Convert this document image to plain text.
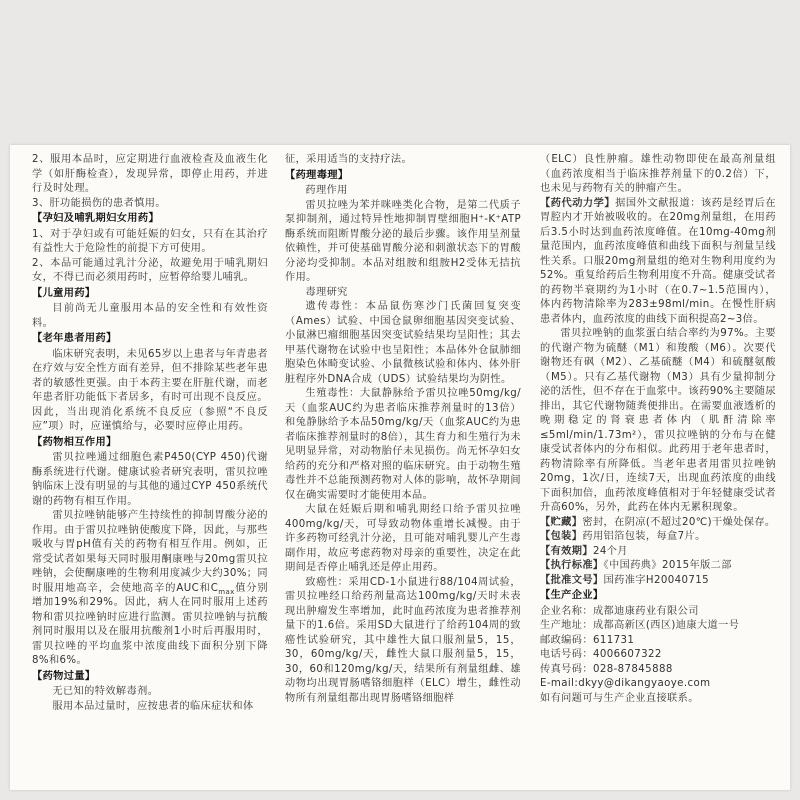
2、服用本品时，应定期进行血液检查及血液生化学（如肝酶检查），发现异常，即停止用药，并进行及时处理。

3、肝功能损伤的患者慎用。

【孕妇及哺乳期妇女用药】

1、对于孕妇或有可能妊娠的妇女，只有在其治疗有益性大于危险性的前提下方可使用。

2、本品可能通过乳汁分泌，故避免用于哺乳期妇女，不得已而必须用药时，应暂停给婴儿哺乳。

【儿童用药】

目前尚无儿童服用本品的安全性和有效性资料。

【老年患者用药】

临床研究表明，未见65岁以上患者与年青患者在疗效与安全性方面有差异，但不排除某些老年患者的敏感性更强。由于本药主要在肝脏代谢，而老年患者肝功能低下者居多，有时可出现不良反应。因此，当出现消化系统不良反应（参照“不良反应”项）时，应谨慎给与，必要时应停止用药。

【药物相互作用】

雷贝拉唑通过细胞色素P450(CYP 450)代谢酶系统进行代谢。健康试验者研究表明，雷贝拉唑钠临床上没有明显的与其他的通过CYP 450系统代谢的药物有相互作用。

雷贝拉唑钠能够产生持续性的抑制胃酸分泌的作用。由于雷贝拉唑钠使酸度下降，因此，与那些吸收与胃pH值有关的药物有相互作用。例如，正常受试者如果每天同时服用酮康唑与20mg雷贝拉唑钠，会使酮康唑的生物利用度减少大约30%；同时服用地高辛，会使地高辛的AUC和$C_{max}$值分别增加19%和29%。因此，病人在同时服用上述药物和雷贝拉唑钠时应进行监测。雷贝拉唑钠与抗酸剂同时服用以及在服用抗酸剂1小时后再服用时，雷贝拉唑的平均血浆中浓度曲线下面积分别下降8%和6%。

【药物过量】

无已知的特效解毒剂。

服用本品过量时，应按患者的临床症状和体

征，采用适当的支持疗法。

【药理毒理】

药理作用

雷贝拉唑为苯并咪唑类化合物，是第二代质子泵抑制剂，通过特异性地抑制胃壁细胞H⁺-K⁺ATP酶系统而阻断胃酸分泌的最后步骤。该作用呈剂量依赖性，并可使基础胃酸分泌和刺激状态下的胃酸分泌均受抑制。本品对组胺和组胺H2受体无拮抗作用。

毒理研究

遗传毒性：本品鼠伤寒沙门氏菌回复突变（Ames）试验、中国仓鼠卵细胞基因突变试验、小鼠淋巴瘤细胞基因突变试验结果均呈阳性；其去甲基代谢物在试验中也呈阳性；本品体外仓鼠肺细胞染色体畸变试验、小鼠微核试验和体内、体外肝脏程序外DNA合成（UDS）试验结果均为阴性。

生殖毒性：大鼠静脉给予雷贝拉唑50mg/kg/天（血浆AUC约为患者临床推荐剂量时的13倍）和兔静脉给予本品50mg/kg/天（血浆AUC约为患者临床推荐剂量时的8倍），其生育力和生殖行为未见明显异常，对动物胎仔未见损伤。尚无怀孕妇女给药的充分和严格对照的临床研究。由于动物生殖毒性并不总能预测药物对人体的影响，故怀孕期间仅在确实需要时才能使用本品。

大鼠在妊娠后期和哺乳期经口给予雷贝拉唑400mg/kg/天，可导致动物体重增长减慢。由于许多药物可经乳汁分泌，且可能对哺乳婴儿产生毒副作用，故应考虑药物对母亲的重要性，决定在此期间是否停止哺乳还是停止用药。

致癌性：采用CD-1小鼠进行88/104周试验，雷贝拉唑经口给药剂量高达100mg/kg/天时未表现出肿瘤发生率增加，此时血药浓度为患者推荐剂量下的1.6倍。采用SD大鼠进行了给药104周的致癌性试验研究，其中雄性大鼠口服剂量5，15，30，60mg/kg/天，雌性大鼠口服剂量5，15，30，60和120mg/kg/天，结果所有剂量组雌、雄动物均出现胃肠嗜铬细胞样（ELC）增生，雌性动物所有剂量组都出现胃肠嗜铬细胞样

（ELC）良性肿瘤。雄性动物即使在最高剂量组（血药浓度相当于临床推荐剂量下的0.2倍）下，也未见与药物有关的肿瘤产生。

【药代动力学】据国外文献报道：该药是经胃后在胃腔内才开始被吸收的。在20mg剂量组，在用药后3.5小时达到血药浓度峰值。在10mg-40mg剂量范围内，血药浓度峰值和曲线下面积与剂量呈线性关系。口服20mg剂量组的绝对生物利用度约为52%。重复给药后生物利用度不升高。健康受试者的药物半衰期约为1小时（在0.7~1.5范围内），体内药物清除率为283±98ml/min。在慢性肝病患者体内，血药浓度的曲线下面积提高2~3倍。

雷贝拉唑钠的血浆蛋白结合率约为97%。主要的代谢产物为硫醚（M1）和羧酸（M6）。次要代谢物还有砜（M2）、乙基硫醚（M4）和硫醚氨酸（M5）。只有乙基代谢物（M3）具有少量抑制分泌的活性，但不存在于血浆中。该药90%主要随尿排出，其它代谢物随粪便排出。在需要血液透析的晚期稳定的肾衰患者体内（肌酐清除率≤5ml/min/1.73m²），雷贝拉唑钠的分布与在健康受试者体内的分布相似。此药用于老年患者时，药物清除率有所降低。当老年患者用雷贝拉唑钠20mg，1次/日，连续7天，出现血药浓度的曲线下面积加倍，血药浓度峰值相对于年轻健康受试者升高60%，另外，此药在体内无累积现象。

【贮藏】密封，在阴凉(不超过20℃)干燥处保存。

【包装】药用铝箔包装，每盒7片。

【有效期】24个月

【执行标准】《中国药典》2015年版二部

【批准文号】国药准字H20040715

【生产企业】

企业名称：成都迪康药业有限公司

生产地址：成都高新区(西区)迪康大道一号

邮政编码：611731

电话号码：4006607322

传真号码：028-87845888

E-mail:dkyy@dikangyaoye.com

如有问题可与生产企业直接联系。
